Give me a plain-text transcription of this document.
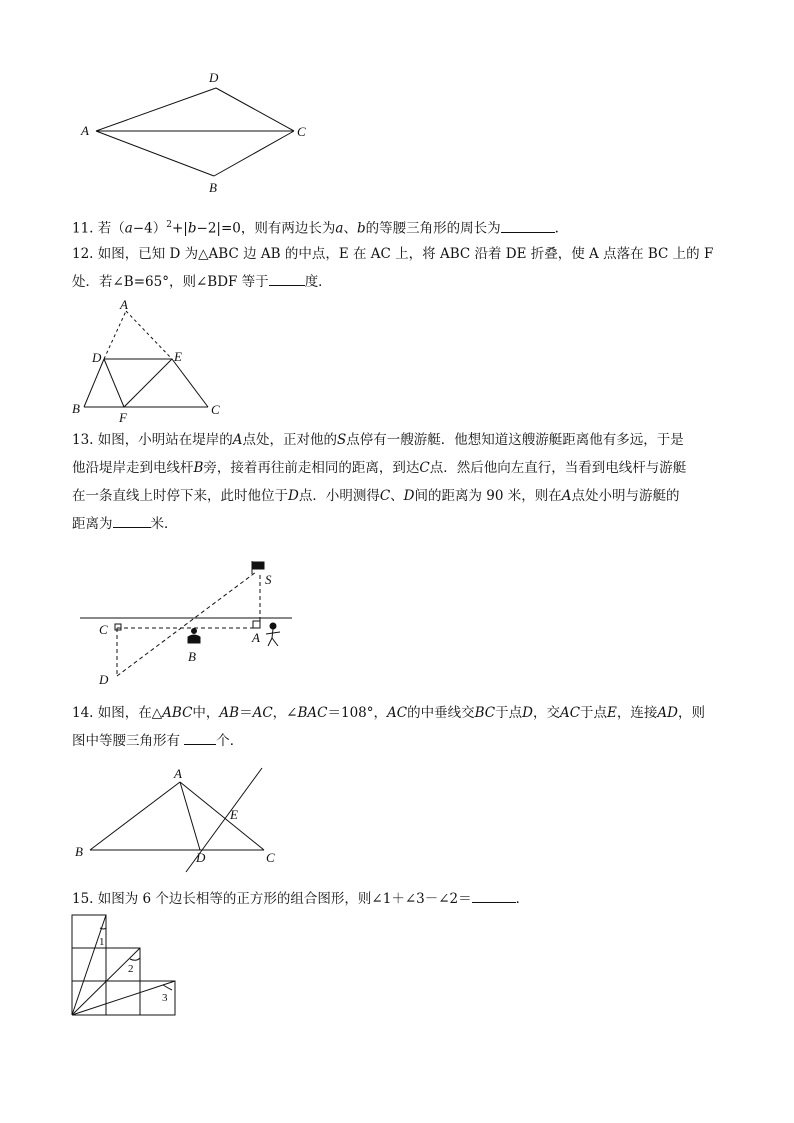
D
A	C
B
11. 若$(a-4)^2+|b-2|=0$，则有两边长为a、b的等腰三角形的周长为	.
12. 如图，已知 D 为△ABC 边 AB 的中点，E 在 AC 上，将 ABC 沿着 DE 折叠，使 A 点落在 BC 上的 F
处．若∠B=65°，则∠BDF 等于	度．
A
D	E
B
F
C
13. 如图，小明站在堤岸的A点处，正对他的S点停有一艘游艇．他想知道这艘游艇距离他有多远，于是
他沿堤岸走到电线杆B旁，接着再往前走相同的距离，到达C点．然后他向左直行，当看到电线杆与游艇
在一条直线上时停下来，此时他位于D点．小明测得C、D间的距离为 90 米，则在A点处小明与游艇的
距离为	米．
S
C
A
B
D
14. 如图，在△ABC中，AB＝AC，∠BAC＝108°，AC的中垂线交BC于点D，交AC于点E，连接AD，则
图中等腰三角形有	个．
A
E
B	D	C
15. 如图为 6 个边长相等的正方形的组合图形，则∠1＋∠3－∠2＝	．
1
2
3
